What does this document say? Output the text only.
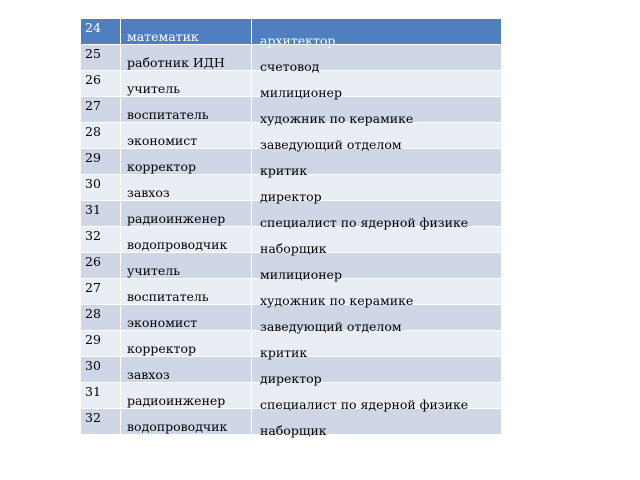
24	математик	архитектор

25	работник ИДН	счетовод

26	учитель	милиционер

27	воспитатель	художник по керамике

28	экономист	заведующий отделом

29	корректор	критик

30	завхоз	директор

31	радиоинженер	специалист по ядерной физике

32	водопроводчик	наборщик

26	учитель	милиционер

27	воспитатель	художник по керамике

28	экономист	заведующий отделом

29	корректор	критик

30	завхоз	директор

31	радиоинженер	специалист по ядерной физике

32	водопроводчик	наборщик
